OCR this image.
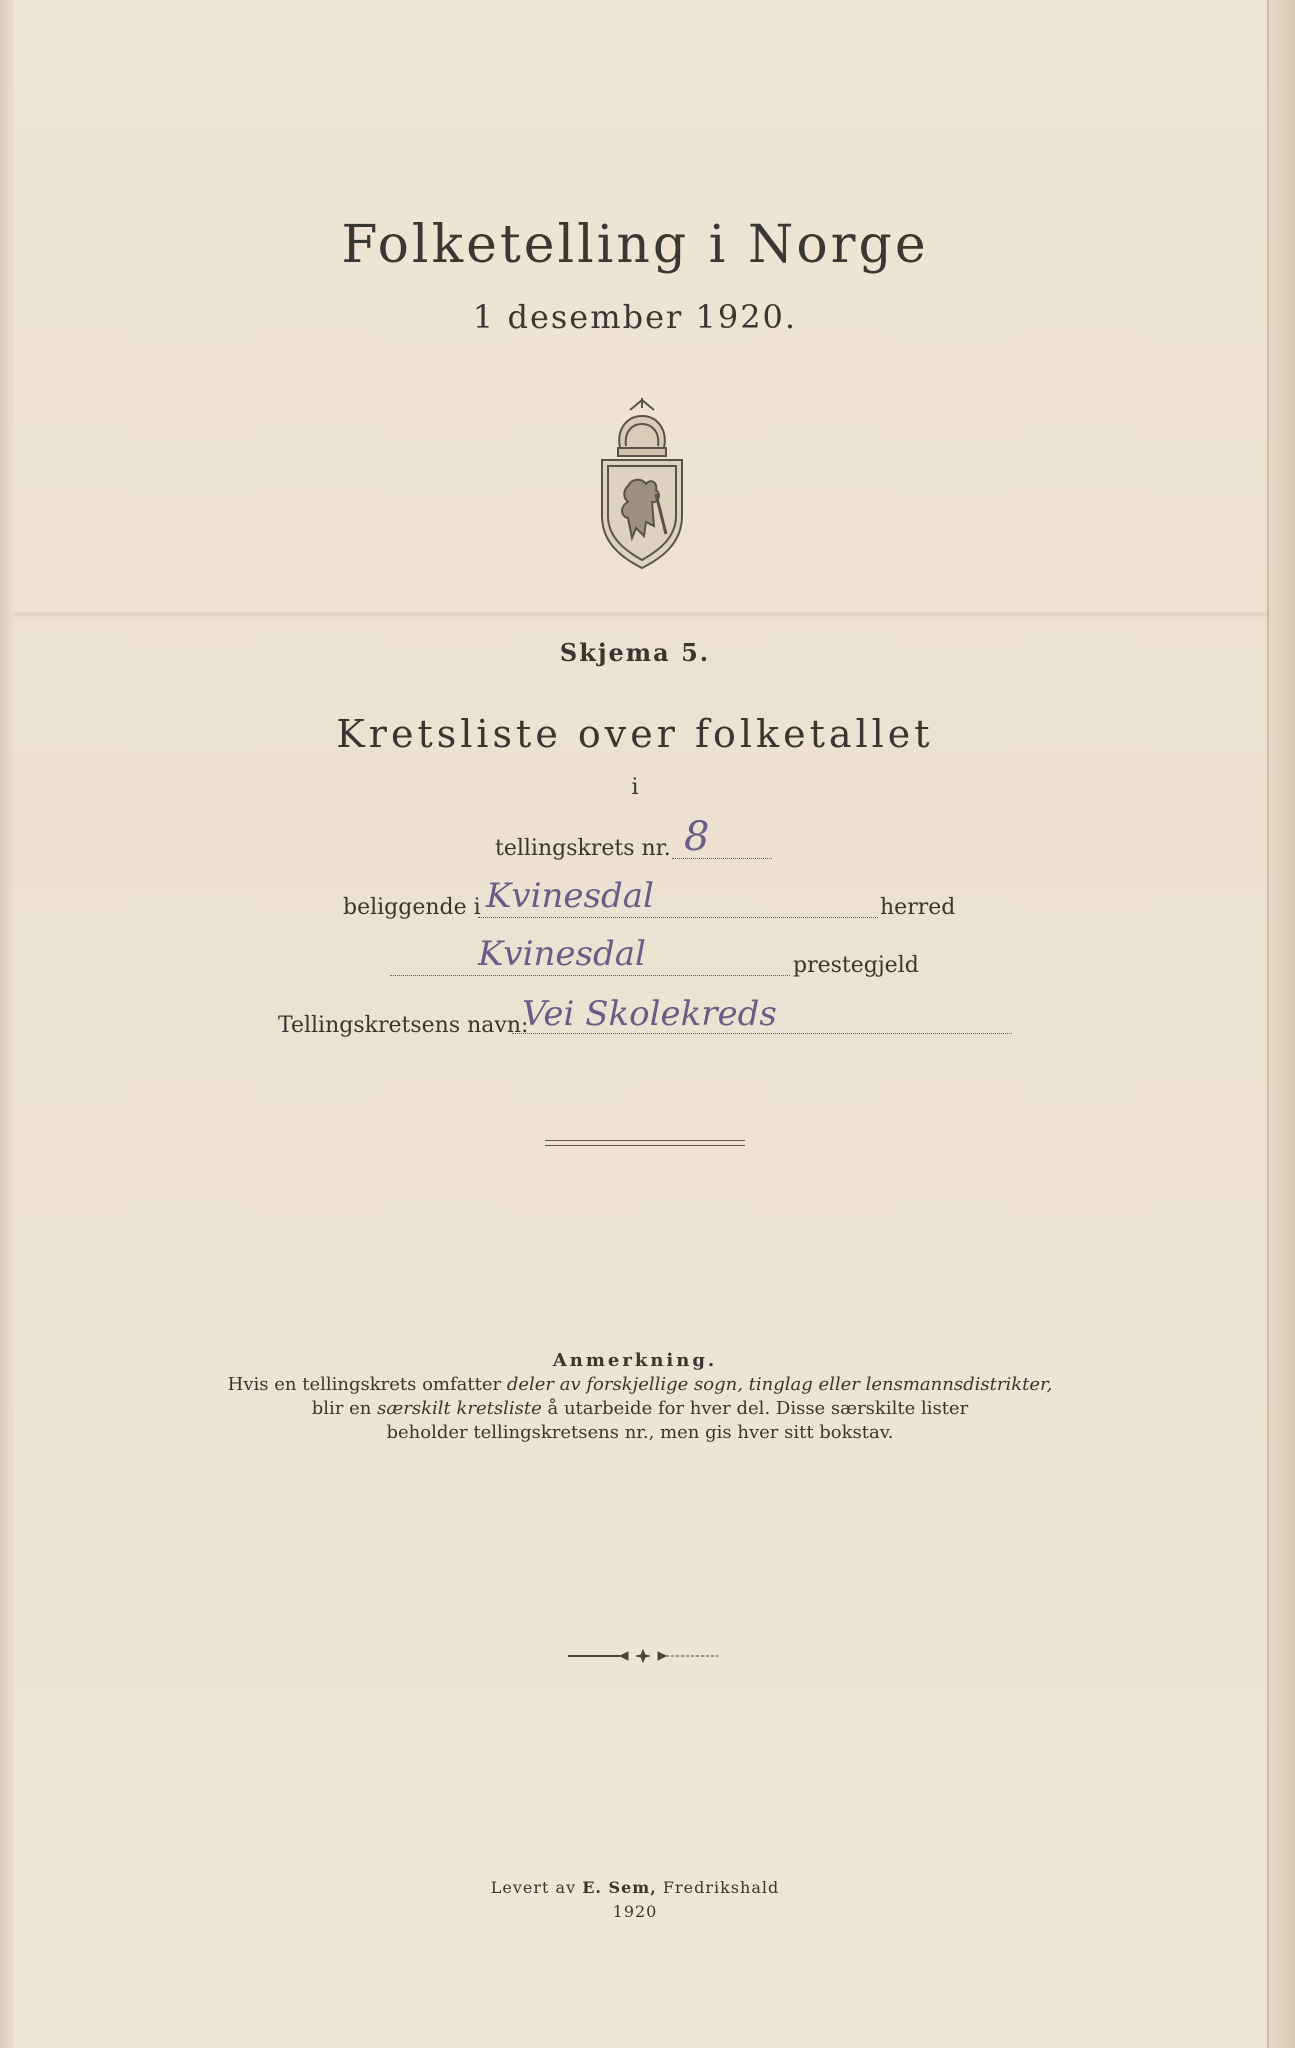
Folketelling i Norge
1 desember 1920.
Skjema 5.
Kretsliste over folketallet
i
tellingskrets nr. 8
beliggende i Kvinesdal	herred
Kvinesdal	prestegjeld
Tellingskretsens navn:
Vei Skolekreds
Anmerkning.
Hvis en tellingskrets omfatter deler av forskjellige sogn, tinglag eller lensmannsdistrikter,
blir en særskilt kretsliste å utarbeide for hver del. Disse særskilte lister
beholder tellingskretsens nr., men gis hver sitt bokstav.
Levert av E. Sem, Fredrikshald
1920
